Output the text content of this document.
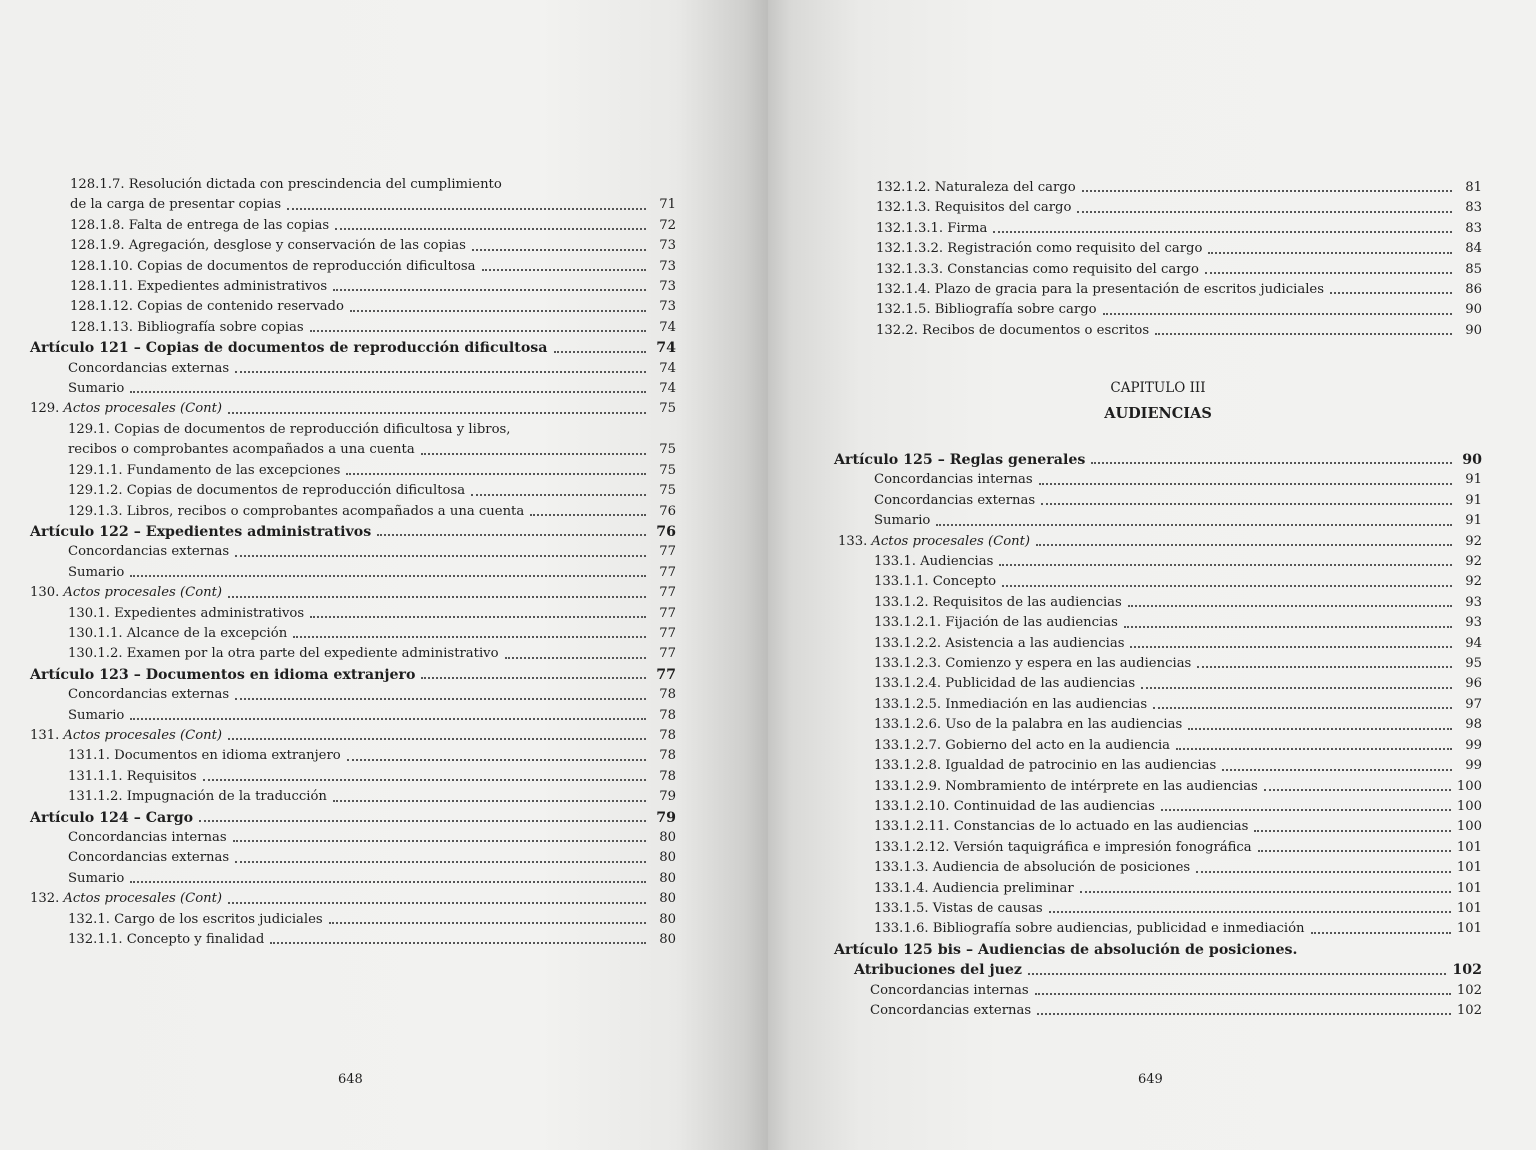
128.1.7. Resolución dictada con prescindencia del cumplimiento
de la carga de presentar copias	71
128.1.8. Falta de entrega de las copias	72
128.1.9. Agregación, desglose y conservación de las copias	73
128.1.10. Copias de documentos de reproducción dificultosa	73
128.1.11. Expedientes administrativos	73
128.1.12. Copias de contenido reservado	73
128.1.13. Bibliografía sobre copias	74
Artículo 121 – Copias de documentos de reproducción dificultosa	74
Concordancias externas	74
Sumario	74
129. Actos procesales (Cont)	75
129.1. Copias de documentos de reproducción dificultosa y libros,
recibos o comprobantes acompañados a una cuenta	75
129.1.1. Fundamento de las excepciones	75
129.1.2. Copias de documentos de reproducción dificultosa	75
129.1.3. Libros, recibos o comprobantes acompañados a una cuenta	76
Artículo 122 – Expedientes administrativos	76
Concordancias externas	77
Sumario	77
130. Actos procesales (Cont)	77
130.1. Expedientes administrativos	77
130.1.1. Alcance de la excepción	77
130.1.2. Examen por la otra parte del expediente administrativo	77
Artículo 123 – Documentos en idioma extranjero	77
Concordancias externas	78
Sumario	78
131. Actos procesales (Cont)	78
131.1. Documentos en idioma extranjero	78
131.1.1. Requisitos	78
131.1.2. Impugnación de la traducción	79
Artículo 124 – Cargo	79
Concordancias internas	80
Concordancias externas	80
Sumario	80
132. Actos procesales (Cont)	80
132.1. Cargo de los escritos judiciales	80
132.1.1. Concepto y finalidad	80
132.1.2. Naturaleza del cargo	81
132.1.3. Requisitos del cargo	83
132.1.3.1. Firma	83
132.1.3.2. Registración como requisito del cargo	84
132.1.3.3. Constancias como requisito del cargo	85
132.1.4. Plazo de gracia para la presentación de escritos judiciales	86
132.1.5. Bibliografía sobre cargo	90
132.2. Recibos de documentos o escritos	90
CAPITULO III
AUDIENCIAS
Artículo 125 – Reglas generales	90
Concordancias internas	91
Concordancias externas	91
Sumario	91
133. Actos procesales (Cont)	92
133.1. Audiencias	92
133.1.1. Concepto	92
133.1.2. Requisitos de las audiencias	93
133.1.2.1. Fijación de las audiencias	93
133.1.2.2. Asistencia a las audiencias	94
133.1.2.3. Comienzo y espera en las audiencias	95
133.1.2.4. Publicidad de las audiencias	96
133.1.2.5. Inmediación en las audiencias	97
133.1.2.6. Uso de la palabra en las audiencias	98
133.1.2.7. Gobierno del acto en la audiencia	99
133.1.2.8. Igualdad de patrocinio en las audiencias	99
133.1.2.9. Nombramiento de intérprete en las audiencias	100
133.1.2.10. Continuidad de las audiencias	100
133.1.2.11. Constancias de lo actuado en las audiencias	100
133.1.2.12. Versión taquigráfica e impresión fonográfica	101
133.1.3. Audiencia de absolución de posiciones	101
133.1.4. Audiencia preliminar	101
133.1.5. Vistas de causas	101
133.1.6. Bibliografía sobre audiencias, publicidad e inmediación	101
Artículo 125 bis – Audiencias de absolución de posiciones.
Atribuciones del juez	102
Concordancias internas	102
Concordancias externas	102
648	649
